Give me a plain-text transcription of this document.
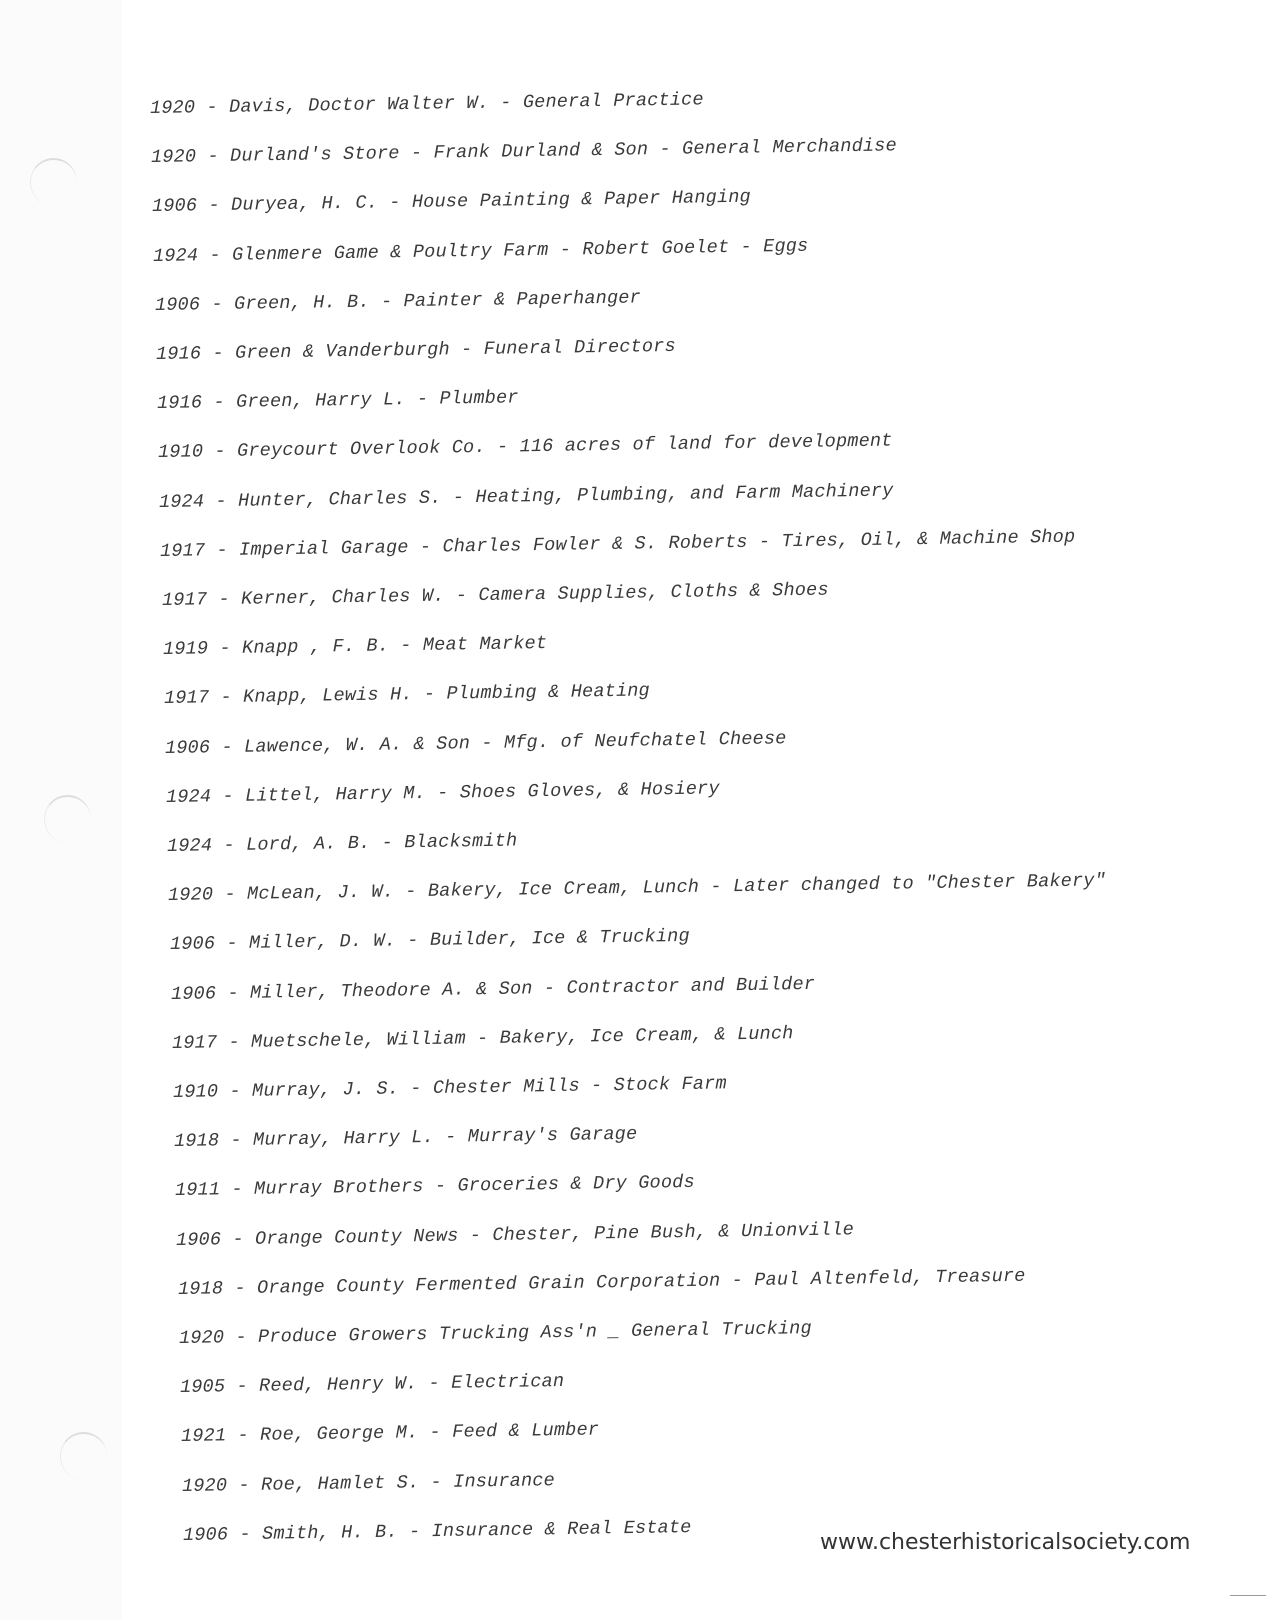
1920 - Davis, Doctor Walter W. - General Practice
1920 - Durland's Store - Frank Durland & Son - General Merchandise
1906 - Duryea, H. C. - House Painting & Paper Hanging
1924 - Glenmere Game & Poultry Farm - Robert Goelet - Eggs
1906 - Green, H. B. - Painter & Paperhanger
1916 - Green & Vanderburgh - Funeral Directors
1916 - Green, Harry L. - Plumber
1910 - Greycourt Overlook Co. - 116 acres of land for development
1924 - Hunter, Charles S. - Heating, Plumbing, and Farm Machinery
1917 - Imperial Garage - Charles Fowler & S. Roberts - Tires, Oil, & Machine Shop
1917 - Kerner, Charles W. - Camera Supplies, Cloths & Shoes
1919 - Knapp , F. B. - Meat Market
1917 - Knapp, Lewis H. - Plumbing & Heating
1906 - Lawence, W. A. & Son - Mfg. of Neufchatel Cheese
1924 - Littel, Harry M. - Shoes Gloves, & Hosiery
1924 - Lord, A. B. - Blacksmith
1920 - McLean, J. W. - Bakery, Ice Cream, Lunch - Later changed to "Chester Bakery"
1906 - Miller, D. W. - Builder, Ice & Trucking
1906 - Miller, Theodore A. & Son - Contractor and Builder
1917 - Muetschele, William - Bakery, Ice Cream, & Lunch
1910 - Murray, J. S. - Chester Mills - Stock Farm
1918 - Murray, Harry L. - Murray's Garage
1911 - Murray Brothers - Groceries & Dry Goods
1906 - Orange County News - Chester, Pine Bush, & Unionville
1918 - Orange County Fermented Grain Corporation - Paul Altenfeld, Treasure
1920 - Produce Growers Trucking Ass'n _ General Trucking
1905 - Reed, Henry W. - Electrican
1921 - Roe, George M. - Feed & Lumber
1920 - Roe, Hamlet S. - Insurance
1906 - Smith, H. B. - Insurance & Real Estate	www.chesterhistoricalsociety.com
